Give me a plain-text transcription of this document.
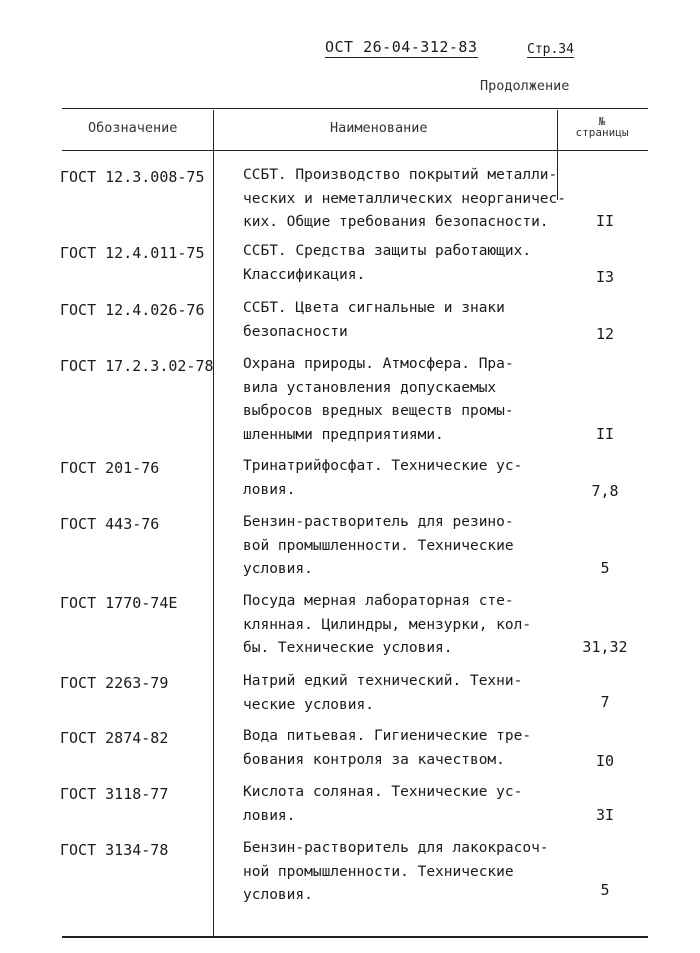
ОСТ 26-04-312-83	Стр.34
Продолжение
Обозначение	Наименование	№
страницы
ГОСТ 12.3.008-75	ССБТ. Производство покрытий металли-
ческих и неметаллических неорганичес-
ких. Общие требования безопасности.	II
ГОСТ 12.4.011-75	ССБТ. Средства защиты работающих.
Классификация.	I3
ГОСТ 12.4.026-76	ССБТ. Цвета сигнальные и знаки
безопасности	12
ГОСТ 17.2.3.02-78 Охрана природы. Атмосфера. Пра-
вила установления допускаемых
выбросов вредных веществ промы-
шленными предприятиями.	II
ГОСТ 201-76	Тринатрийфосфат. Технические ус-
ловия.	7,8
ГОСТ 443-76	Бензин-растворитель для резино-
вой промышленности. Технические
условия.	5
ГОСТ 1770-74Е	Посуда мерная лабораторная сте-
клянная. Цилиндры, мензурки, кол-
бы. Технические условия.	31,32
ГОСТ 2263-79	Натрий едкий технический. Техни-
ческие условия.	7
ГОСТ 2874-82	Вода питьевая. Гигиенические тре-
бования контроля за качеством.	I0
ГОСТ 3118-77	Кислота соляная. Технические ус-
ловия.	3I
ГОСТ 3134-78	Бензин-растворитель для лакокрасоч-
ной промышленности. Технические
условия.	5
